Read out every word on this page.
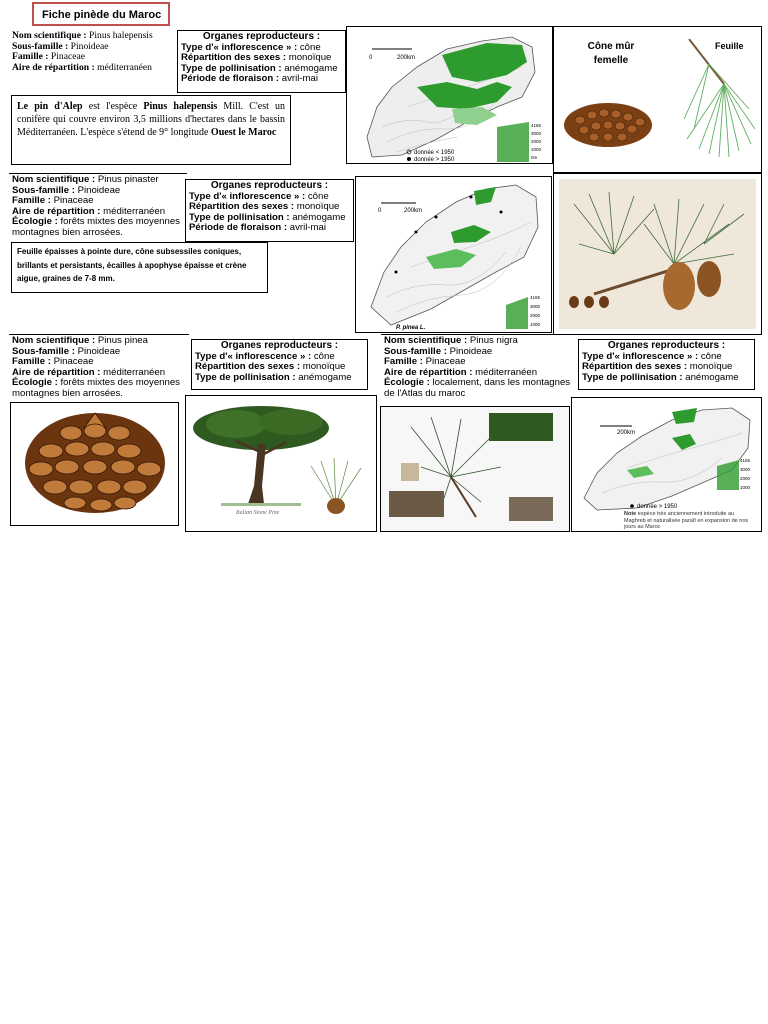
Fiche pinède du Maroc
Nom scientifique : Pinus halepensis
Sous-famille : Pinoideae
Famille : Pinaceae
Aire de répartition : méditerranéen
Organes reproducteurs :
Type d'« inflorescence » : cône
Répartition des sexes : monoïque
Type de pollinisation : anémogame
Période de floraison : avril-mai
Le pin d'Alep est l'espèce Pinus halepensis Mill. C'est un conifère qui couvre environ 3,5 millions d'hectares dans le bassin Méditerranéen. L'espèce s'étend de 9° longitude Ouest le Maroc
0	200km
donnée < 1950
donnée > 1950
4165
3000
2000
1000
0m
Cône mûr
femelle
Feuille
Nom scientifique : Pinus pinaster
Sous-famille : Pinoideae
Famille : Pinaceae
Aire de répartition : méditerranéen
Écologie : forêts mixtes des moyennes montagnes bien arrosées.
Organes reproducteurs :
Type d'« inflorescence » : cône
Répartition des sexes : monoïque
Type de pollinisation : anémogame
Période de floraison : avril-mai
Feuille épaisses à pointe dure, cône subsessiles coniques, brillants et persistants, écailles à apophyse épaisse et crène aigue, graines de 7-8 mm.
0	200km
P. pinea L.
4165
3000
2000
1000
Nom scientifique : Pinus pinea
Sous-famille : Pinoideae
Famille : Pinaceae
Aire de répartition : méditerranéen
Écologie : forêts mixtes des moyennes montagnes bien arrosées.
Organes reproducteurs :
Type d'« inflorescence » : cône
Répartition des sexes : monoïque
Type de pollinisation : anémogame
Italian Stone Pine
Nom scientifique : Pinus nigra
Sous-famille : Pinoideae
Famille : Pinaceae
Aire de répartition : méditerranéen
Écologie : localement, dans les montagnes de l'Atlas du maroc
Organes reproducteurs :
Type d'« inflorescence » : cône
Répartition des sexes : monoïque
Type de pollinisation : anémogame
200km
4165
3000
2000
1000
donnée > 1950
Note espèce très anciennement introduite au Maghreb et naturalisée paraît en expansion de nos jours au Maroc
